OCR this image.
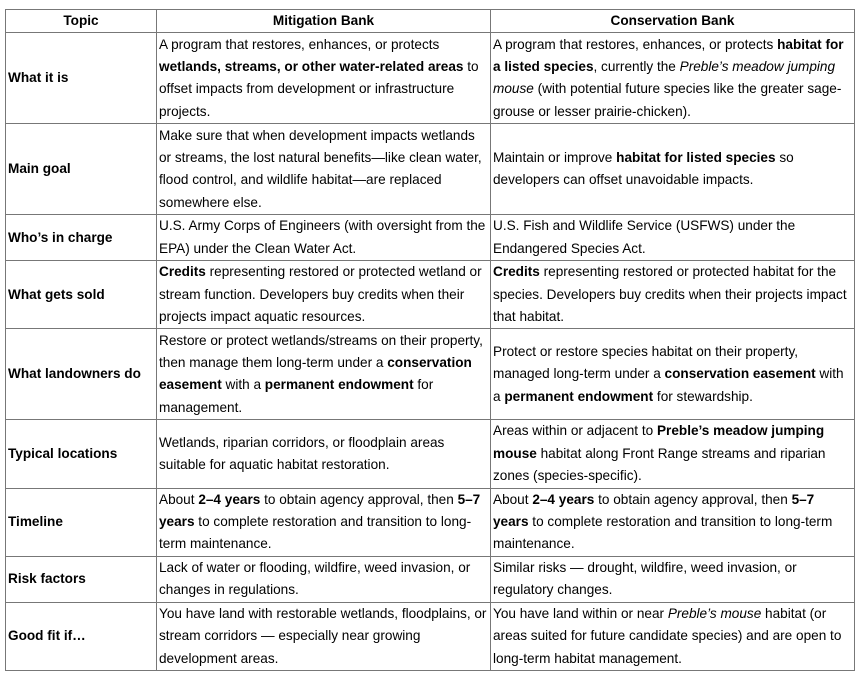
Topic	Mitigation Bank	Conservation Bank
What it is	A program that restores, enhances, or protects wetlands, streams, or other water-related areas to offset impacts from development or infrastructure projects.	A program that restores, enhances, or protects habitat for a listed species, currently the Preble’s meadow jumping mouse (with potential future species like the greater sage-grouse or lesser prairie-chicken).
Main goal	Make sure that when development impacts wetlands or streams, the lost natural benefits—like clean water, flood control, and wildlife habitat—are replaced somewhere else.	Maintain or improve habitat for listed species so developers can offset unavoidable impacts.
Who’s in charge	U.S. Army Corps of Engineers (with oversight from the EPA) under the Clean Water Act.	U.S. Fish and Wildlife Service (USFWS) under the Endangered Species Act.
What gets sold	Credits representing restored or protected wetland or stream function. Developers buy credits when their projects impact aquatic resources.	Credits representing restored or protected habitat for the species. Developers buy credits when their projects impact that habitat.
What landowners do	Restore or protect wetlands/streams on their property, then manage them long-term under a conservation easement with a permanent endowment for management.	Protect or restore species habitat on their property, managed long-term under a conservation easement with a permanent endowment for stewardship.
Typical locations	Wetlands, riparian corridors, or floodplain areas suitable for aquatic habitat restoration.	Areas within or adjacent to Preble’s meadow jumping mouse habitat along Front Range streams and riparian zones (species-specific).
Timeline	About 2–4 years to obtain agency approval, then 5–7 years to complete restoration and transition to long-term maintenance.	About 2–4 years to obtain agency approval, then 5–7 years to complete restoration and transition to long-term maintenance.
Risk factors	Lack of water or flooding, wildfire, weed invasion, or changes in regulations.	Similar risks — drought, wildfire, weed invasion, or regulatory changes.
Good fit if…	You have land with restorable wetlands, floodplains, or stream corridors — especially near growing development areas.	You have land within or near Preble’s mouse habitat (or areas suited for future candidate species) and are open to long-term habitat management.
